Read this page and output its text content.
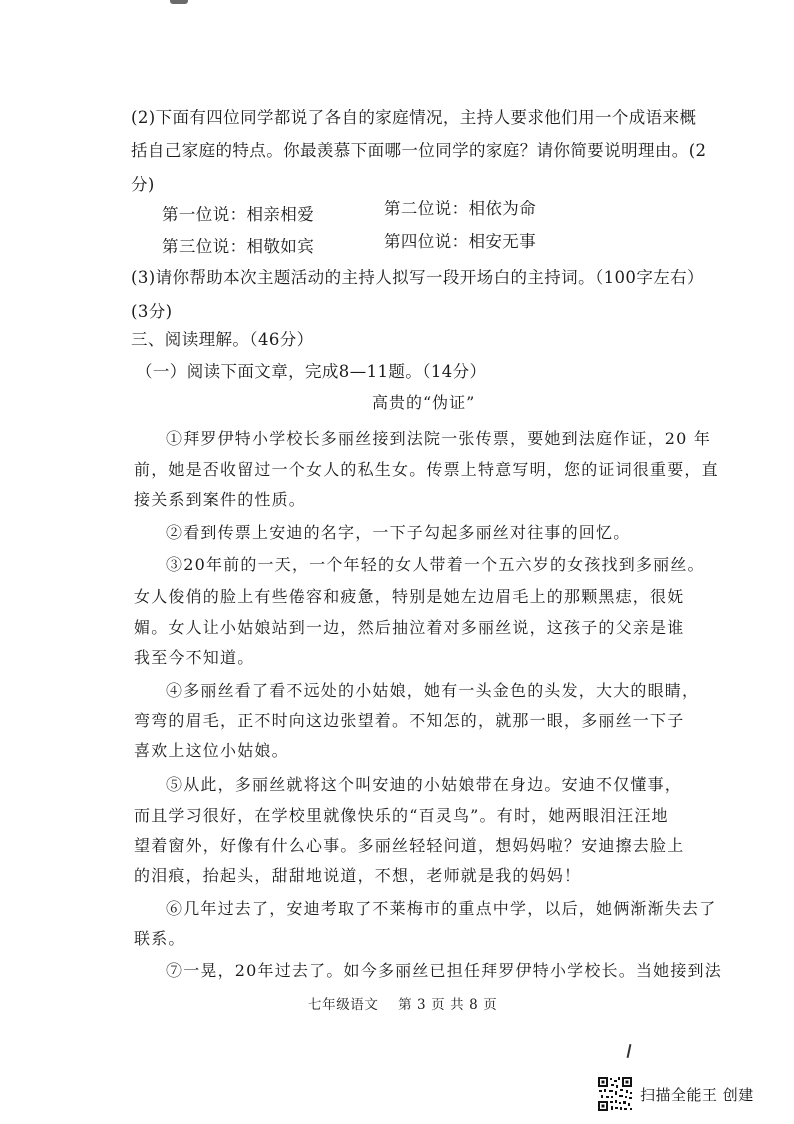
(2)下面有四位同学都说了各自的家庭情况，主持人要求他们用一个成语来概
括自己家庭的特点。你最羡慕下面哪一位同学的家庭？请你简要说明理由。(2
分)
第一位说：相亲相爱	第二位说：相依为命
第三位说：相敬如宾	第四位说：相安无事
(3)请你帮助本次主题活动的主持人拟写一段开场白的主持词。（100字左右）
(3分)
三、阅读理解。（46分）
（一）阅读下面文章，完成8—11题。（14分）
高贵的“伪证”
①拜罗伊特小学校长多丽丝接到法院一张传票，要她到法庭作证，20 年
前，她是否收留过一个女人的私生女。传票上特意写明，您的证词很重要，直
接关系到案件的性质。
②看到传票上安迪的名字，一下子勾起多丽丝对往事的回忆。
③20年前的一天，一个年轻的女人带着一个五六岁的女孩找到多丽丝。
女人俊俏的脸上有些倦容和疲惫，特别是她左边眉毛上的那颗黑痣，很妩
媚。女人让小姑娘站到一边，然后抽泣着对多丽丝说，这孩子的父亲是谁
我至今不知道。
④多丽丝看了看不远处的小姑娘，她有一头金色的头发，大大的眼睛，
弯弯的眉毛，正不时向这边张望着。不知怎的，就那一眼，多丽丝一下子
喜欢上这位小姑娘。
⑤从此，多丽丝就将这个叫安迪的小姑娘带在身边。安迪不仅懂事，
而且学习很好，在学校里就像快乐的“百灵鸟”。有时，她两眼泪汪汪地
望着窗外，好像有什么心事。多丽丝轻轻问道，想妈妈啦？安迪擦去脸上
的泪痕，抬起头，甜甜地说道，不想，老师就是我的妈妈！
⑥几年过去了，安迪考取了不莱梅市的重点中学，以后，她俩渐渐失去了
联系。
⑦一晃，20年过去了。如今多丽丝已担任拜罗伊特小学校长。当她接到法
七年级语文    第 3 页 共 8 页
扫描全能王 创建
